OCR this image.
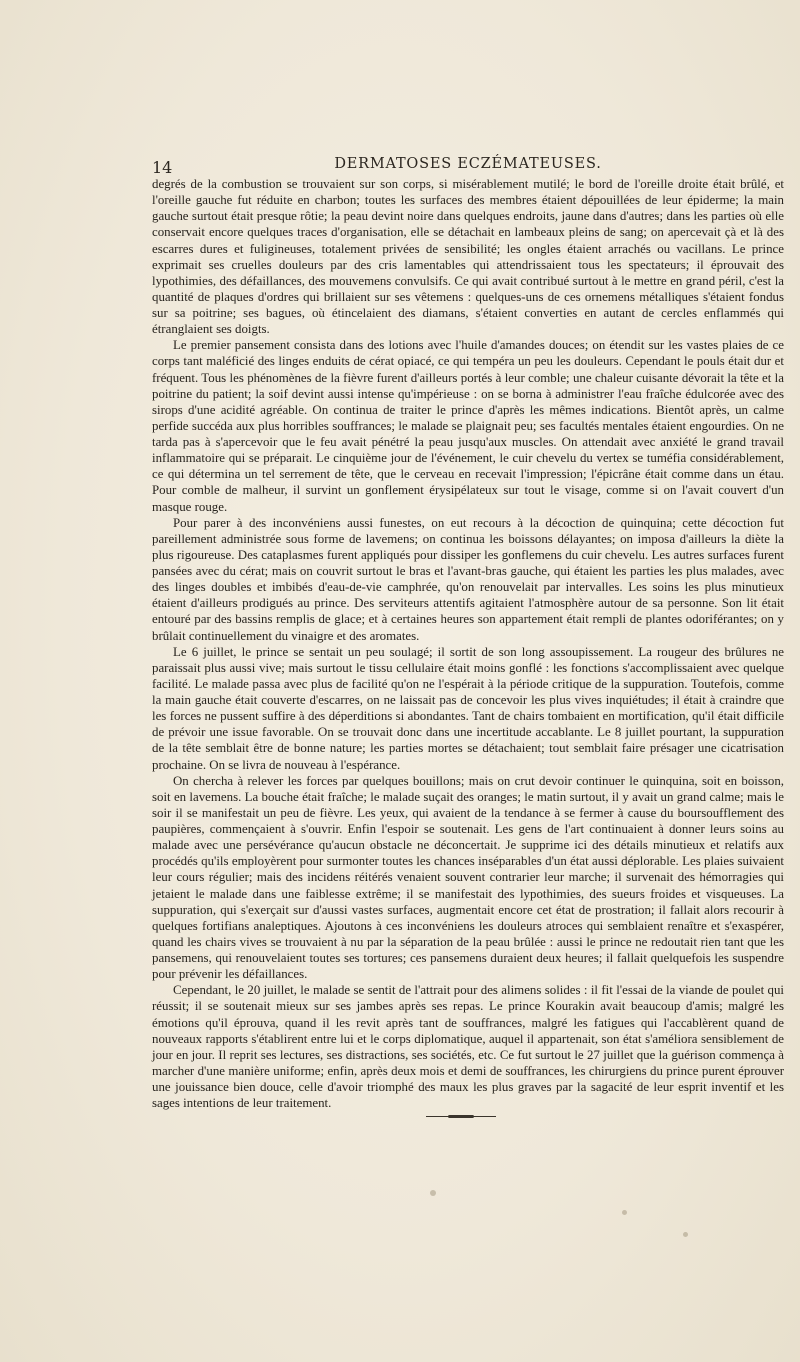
14	DERMATOSES ECZÉMATEUSES.

degrés de la combustion se trouvaient sur son corps, si misérablement mutilé; le bord de l'oreille droite était brûlé, et l'oreille gauche fut réduite en charbon; toutes les surfaces des membres étaient dépouillées de leur épiderme; la main gauche surtout était presque rôtie; la peau devint noire dans quelques endroits, jaune dans d'autres; dans les parties où elle conservait encore quelques traces d'organisation, elle se détachait en lambeaux pleins de sang; on apercevait çà et là des escarres dures et fuligineuses, totalement privées de sensibilité; les ongles étaient arrachés ou vacillans. Le prince exprimait ses cruelles douleurs par des cris lamentables qui attendrissaient tous les spectateurs; il éprouvait des lypothimies, des défaillances, des mouvemens convulsifs. Ce qui avait contribué surtout à le mettre en grand péril, c'est la quantité de plaques d'ordres qui brillaient sur ses vêtemens : quelques-uns de ces ornemens métalliques s'étaient fondus sur sa poitrine; ses bagues, où étincelaient des diamans, s'étaient converties en autant de cercles enflammés qui étranglaient ses doigts.

Le premier pansement consista dans des lotions avec l'huile d'amandes douces; on étendit sur les vastes plaies de ce corps tant maléficié des linges enduits de cérat opiacé, ce qui tempéra un peu les douleurs. Cependant le pouls était dur et fréquent. Tous les phénomènes de la fièvre furent d'ailleurs portés à leur comble; une chaleur cuisante dévorait la tête et la poitrine du patient; la soif devint aussi intense qu'impérieuse : on se borna à administrer l'eau fraîche édulcorée avec des sirops d'une acidité agréable. On continua de traiter le prince d'après les mêmes indications. Bientôt après, un calme perfide succéda aux plus horribles souffrances; le malade se plaignait peu; ses facultés mentales étaient engourdies. On ne tarda pas à s'apercevoir que le feu avait pénétré la peau jusqu'aux muscles. On attendait avec anxiété le grand travail inflammatoire qui se préparait. Le cinquième jour de l'événement, le cuir chevelu du vertex se tuméfia considérablement, ce qui détermina un tel serrement de tête, que le cerveau en recevait l'impression; l'épicrâne était comme dans un étau. Pour comble de malheur, il survint un gonflement érysipélateux sur tout le visage, comme si on l'avait couvert d'un masque rouge.

Pour parer à des inconvéniens aussi funestes, on eut recours à la décoction de quinquina; cette décoction fut pareillement administrée sous forme de lavemens; on continua les boissons délayantes; on imposa d'ailleurs la diète la plus rigoureuse. Des cataplasmes furent appliqués pour dissiper les gonflemens du cuir chevelu. Les autres surfaces furent pansées avec du cérat; mais on couvrit surtout le bras et l'avant-bras gauche, qui étaient les parties les plus malades, avec des linges doubles et imbibés d'eau-de-vie camphrée, qu'on renouvelait par intervalles. Les soins les plus minutieux étaient d'ailleurs prodigués au prince. Des serviteurs attentifs agitaient l'atmosphère autour de sa personne. Son lit était entouré par des bassins remplis de glace; et à certaines heures son appartement était rempli de plantes odoriférantes; on y brûlait continuellement du vinaigre et des aromates.

Le 6 juillet, le prince se sentait un peu soulagé; il sortit de son long assoupissement. La rougeur des brûlures ne paraissait plus aussi vive; mais surtout le tissu cellulaire était moins gonflé : les fonctions s'accomplissaient avec quelque facilité. Le malade passa avec plus de facilité qu'on ne l'espérait à la période critique de la suppuration. Toutefois, comme la main gauche était couverte d'escarres, on ne laissait pas de concevoir les plus vives inquiétudes; il était à craindre que les forces ne pussent suffire à des déperditions si abondantes. Tant de chairs tombaient en mortification, qu'il était difficile de prévoir une issue favorable. On se trouvait donc dans une incertitude accablante. Le 8 juillet pourtant, la suppuration de la tête semblait être de bonne nature; les parties mortes se détachaient; tout semblait faire présager une cicatrisation prochaine. On se livra de nouveau à l'espérance.

On chercha à relever les forces par quelques bouillons; mais on crut devoir continuer le quinquina, soit en boisson, soit en lavemens. La bouche était fraîche; le malade suçait des oranges; le matin surtout, il y avait un grand calme; mais le soir il se manifestait un peu de fièvre. Les yeux, qui avaient de la tendance à se fermer à cause du boursoufflement des paupières, commençaient à s'ouvrir. Enfin l'espoir se soutenait. Les gens de l'art continuaient à donner leurs soins au malade avec une persévérance qu'aucun obstacle ne déconcertait. Je supprime ici des détails minutieux et relatifs aux procédés qu'ils employèrent pour surmonter toutes les chances inséparables d'un état aussi déplorable. Les plaies suivaient leur cours régulier; mais des incidens réitérés venaient souvent contrarier leur marche; il survenait des hémorragies qui jetaient le malade dans une faiblesse extrême; il se manifestait des lypothimies, des sueurs froides et visqueuses. La suppuration, qui s'exerçait sur d'aussi vastes surfaces, augmentait encore cet état de prostration; il fallait alors recourir à quelques fortifians analeptiques. Ajoutons à ces inconvéniens les douleurs atroces qui semblaient renaître et s'exaspérer, quand les chairs vives se trouvaient à nu par la séparation de la peau brûlée : aussi le prince ne redoutait rien tant que les pansemens, qui renouvelaient toutes ses tortures; ces pansemens duraient deux heures; il fallait quelquefois les suspendre pour prévenir les défaillances.

Cependant, le 20 juillet, le malade se sentit de l'attrait pour des alimens solides : il fit l'essai de la viande de poulet qui réussit; il se soutenait mieux sur ses jambes après ses repas. Le prince Kourakin avait beaucoup d'amis; malgré les émotions qu'il éprouva, quand il les revit après tant de souffrances, malgré les fatigues qui l'accablèrent quand de nouveaux rapports s'établirent entre lui et le corps diplomatique, auquel il appartenait, son état s'améliora sensiblement de jour en jour. Il reprit ses lectures, ses distractions, ses sociétés, etc. Ce fut surtout le 27 juillet que la guérison commença à marcher d'une manière uniforme; enfin, après deux mois et demi de souffrances, les chirurgiens du prince purent éprouver une jouissance bien douce, celle d'avoir triomphé des maux les plus graves par la sagacité de leur esprit inventif et les sages intentions de leur traitement.
